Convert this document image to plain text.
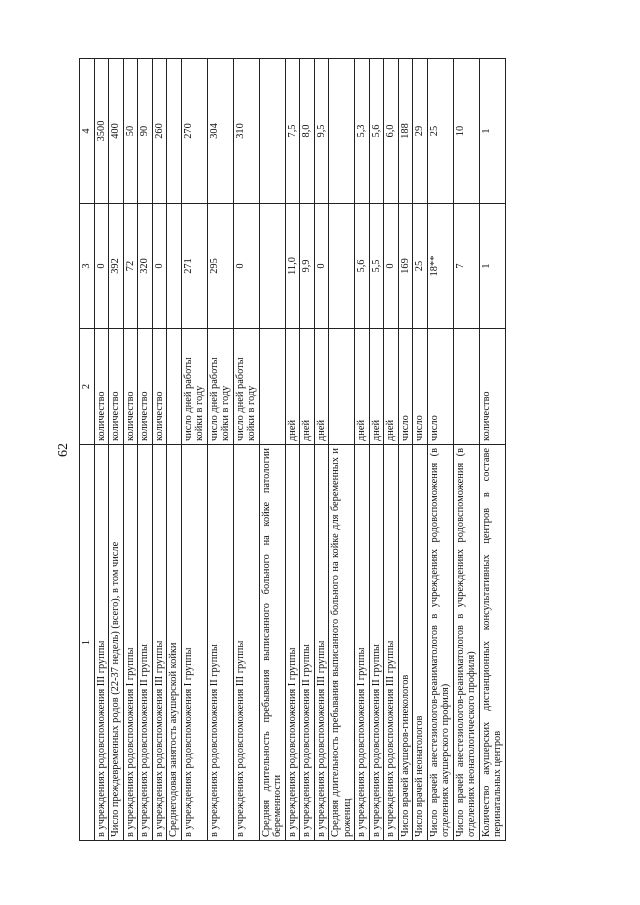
62
1	2	3	4
в учреждениях родовспоможения III группы	количество	0	3500
Число преждевременных родов (22-37 недель) (всего), в том числе	количество	392	400
в учреждениях родовспоможения I группы	количество	72	50
в учреждениях родовспоможения II группы	количество	320	90
в учреждениях родовспоможения III группы	количество	0	260
Среднегодовая занятость акушерской койки			
в учреждениях родовспоможения I группы	число дней работы койки в году	271	270
в учреждениях родовспоможения II группы	число дней работы койки в году	295	304
в учреждениях родовспоможения III группы	число дней работы койки в году	0	310
Средняя длительность пребывания выписанного больного на койке патологии беременности			
в учреждениях родовспоможения I группы	дней	11,0	7,5
в учреждениях родовспоможения II группы	дней	9,9	8,0
в учреждениях родовспоможения III группы	дней	0	9,5
Средняя длительность пребывания выписанного больного на койке для беременных и рожениц			
в учреждениях родовспоможения I группы	дней	5,6	5,3
в учреждениях родовспоможения II группы	дней	5,5	5,6
в учреждениях родовспоможения III группы	дней	0	6,0
Число врачей акушеров-гинекологов	число	169	188
Число врачей неонатологов	число	25	29
Число врачей анестезиологов-реаниматологов в учреждениях родовспоможения (в отделениях акушерского профиля)	число	18**	25
Число врачей анестезиологов-реаниматологов в учреждениях родовспоможения (в отделениях неонатологического профиля)		7	10
Количество акушерских дистанционных консультативных центров в составе перинатальных центров	количество	1	1
